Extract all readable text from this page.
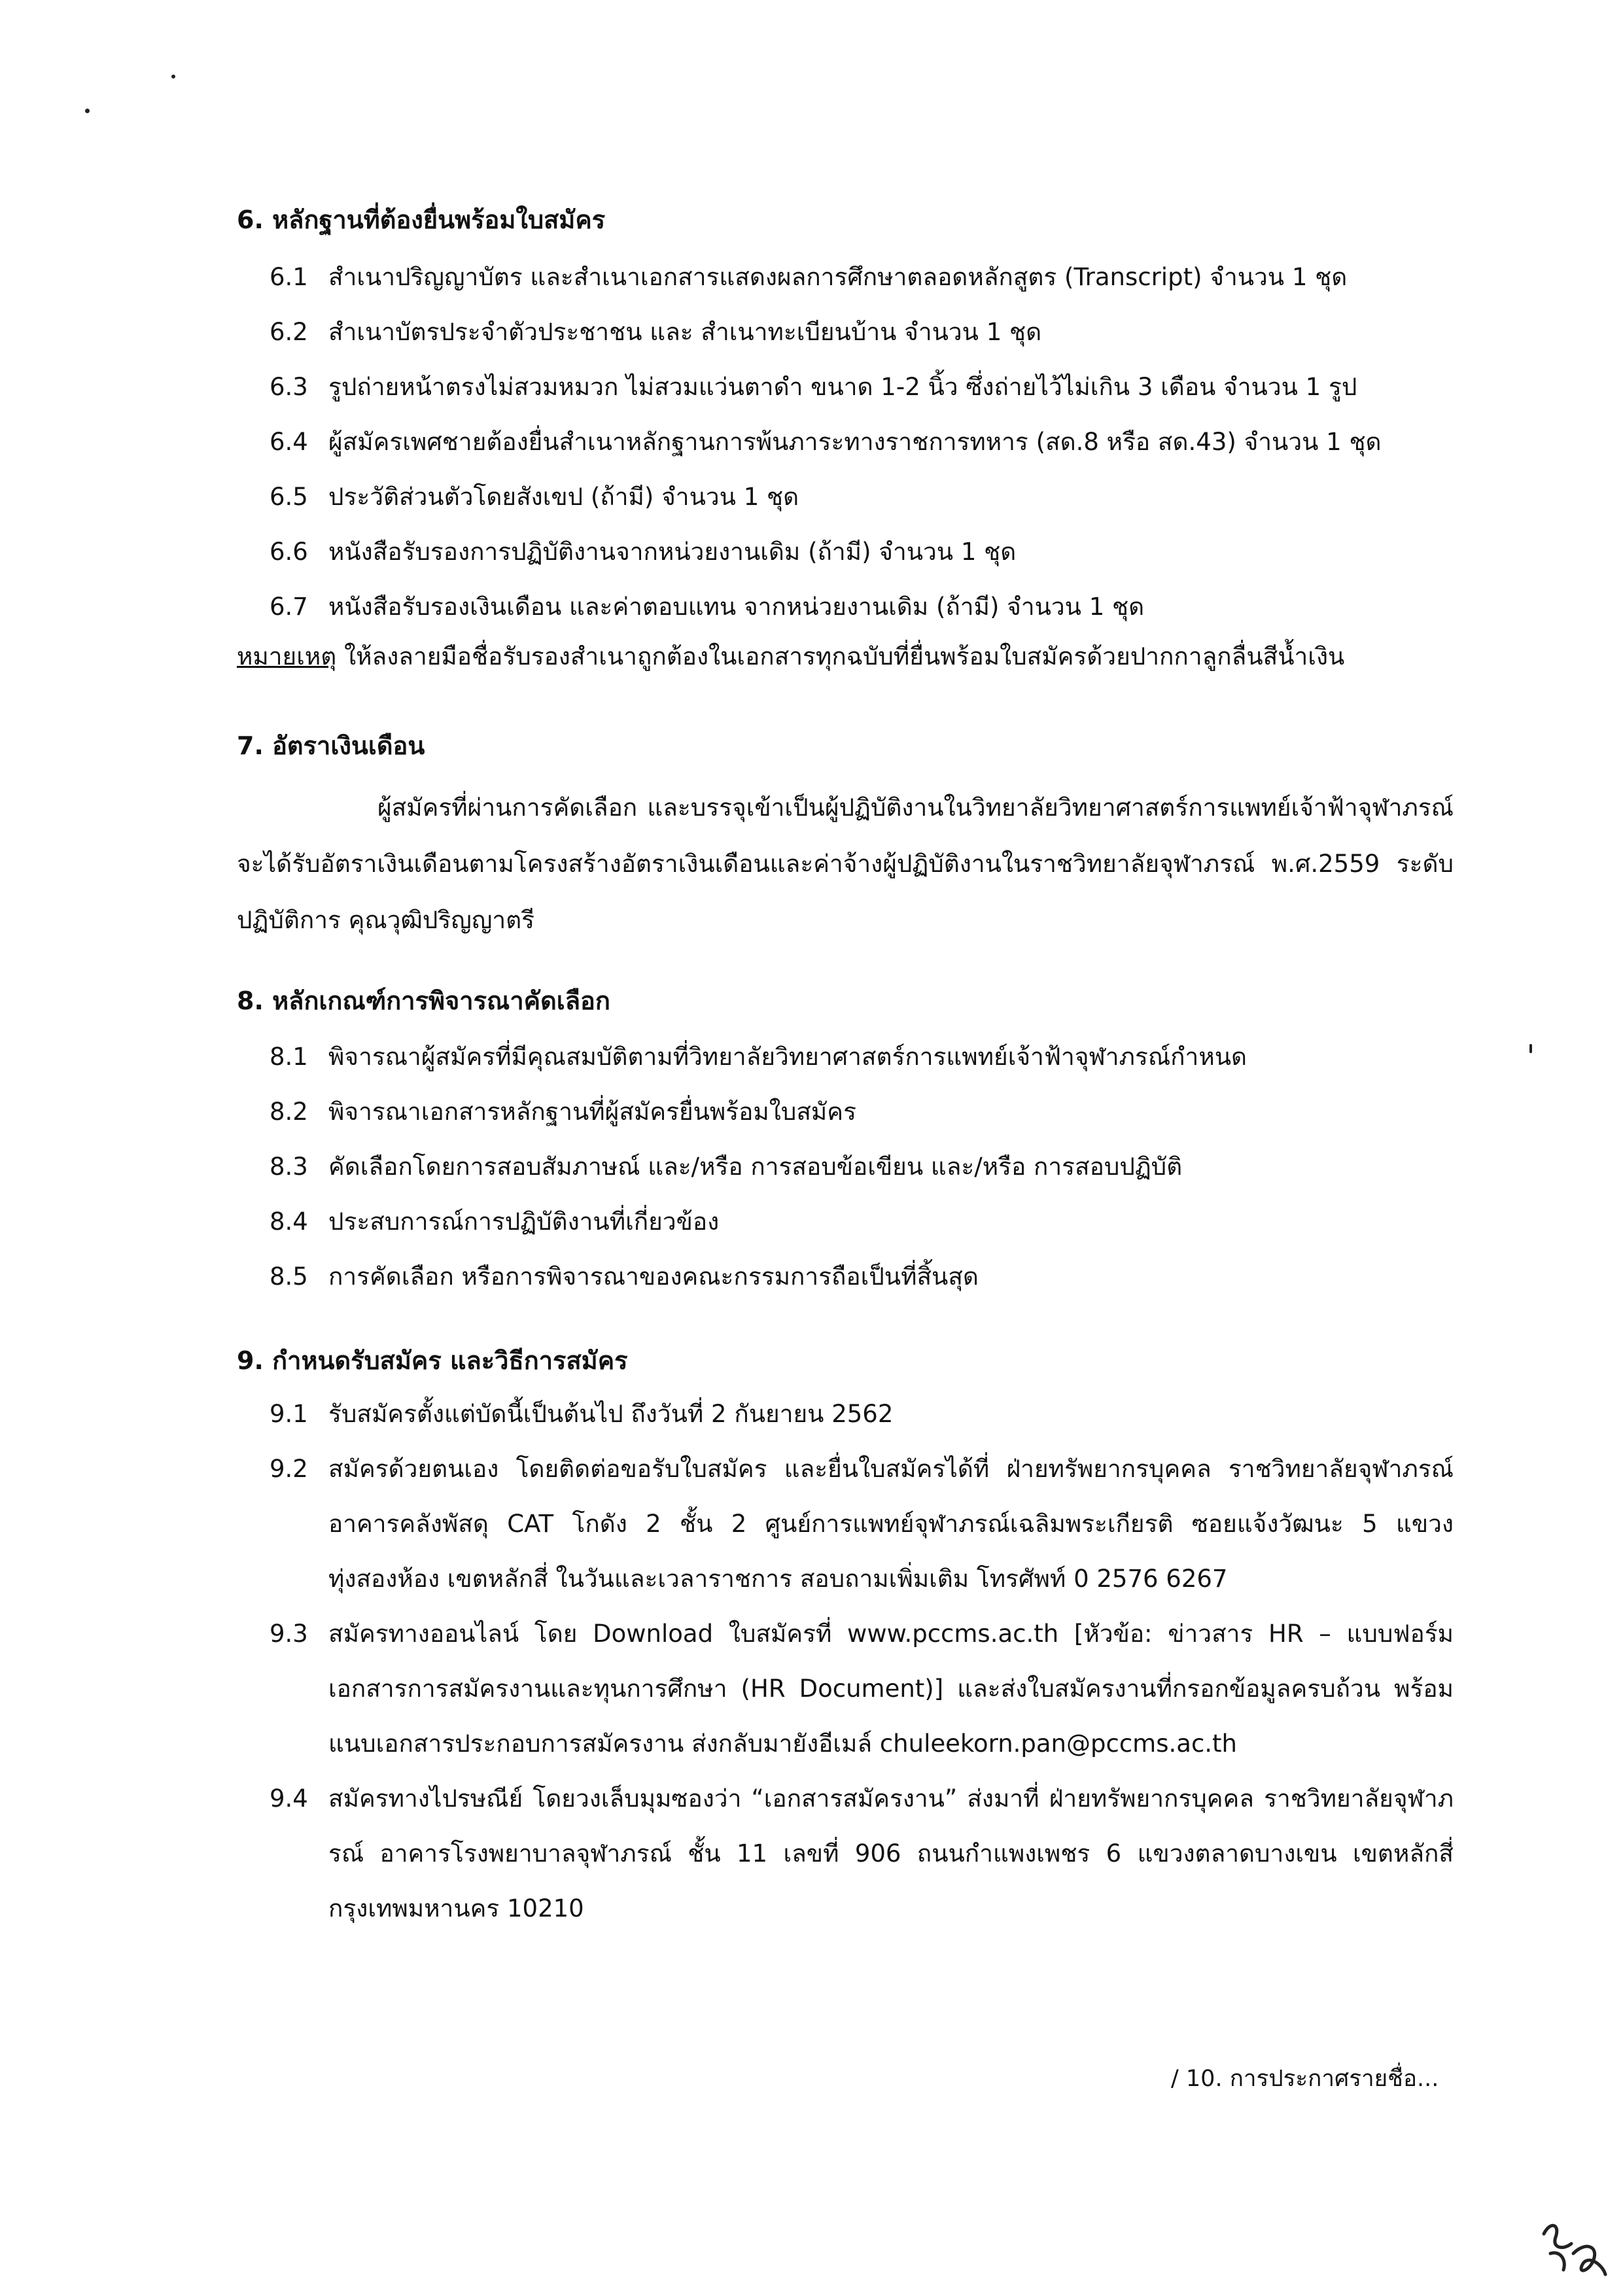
6. หลักฐานที่ต้องยื่นพร้อมใบสมัคร
6.1 สำเนาปริญญาบัตร และสำเนาเอกสารแสดงผลการศึกษาตลอดหลักสูตร (Transcript) จำนวน 1 ชุด
6.2 สำเนาบัตรประจำตัวประชาชน และ สำเนาทะเบียนบ้าน จำนวน 1 ชุด
6.3 รูปถ่ายหน้าตรงไม่สวมหมวก ไม่สวมแว่นตาดำ ขนาด 1-2 นิ้ว ซึ่งถ่ายไว้ไม่เกิน 3 เดือน จำนวน 1 รูป
6.4 ผู้สมัครเพศชายต้องยื่นสำเนาหลักฐานการพ้นภาระทางราชการทหาร (สด.8 หรือ สด.43) จำนวน 1 ชุด
6.5 ประวัติส่วนตัวโดยสังเขป (ถ้ามี) จำนวน 1 ชุด
6.6 หนังสือรับรองการปฏิบัติงานจากหน่วยงานเดิม (ถ้ามี) จำนวน 1 ชุด
6.7 หนังสือรับรองเงินเดือน และค่าตอบแทน จากหน่วยงานเดิม (ถ้ามี) จำนวน 1 ชุด
หมายเหตุ ให้ลงลายมือชื่อรับรองสำเนาถูกต้องในเอกสารทุกฉบับที่ยื่นพร้อมใบสมัครด้วยปากกาลูกลื่นสีน้ำเงิน
7. อัตราเงินเดือน
ผู้สมัครที่ผ่านการคัดเลือก และบรรจุเข้าเป็นผู้ปฏิบัติงานในวิทยาลัยวิทยาศาสตร์การแพทย์เจ้าฟ้าจุฬาภรณ์ จะได้รับอัตราเงินเดือนตามโครงสร้างอัตราเงินเดือนและค่าจ้างผู้ปฏิบัติงานในราชวิทยาลัยจุฬาภรณ์ พ.ศ.2559 ระดับปฏิบัติการ คุณวุฒิปริญญาตรี
8. หลักเกณฑ์การพิจารณาคัดเลือก
8.1 พิจารณาผู้สมัครที่มีคุณสมบัติตามที่วิทยาลัยวิทยาศาสตร์การแพทย์เจ้าฟ้าจุฬาภรณ์กำหนด
8.2 พิจารณาเอกสารหลักฐานที่ผู้สมัครยื่นพร้อมใบสมัคร
8.3 คัดเลือกโดยการสอบสัมภาษณ์ และ/หรือ การสอบข้อเขียน และ/หรือ การสอบปฏิบัติ
8.4 ประสบการณ์การปฏิบัติงานที่เกี่ยวข้อง
8.5 การคัดเลือก หรือการพิจารณาของคณะกรรมการถือเป็นที่สิ้นสุด
9. กำหนดรับสมัคร และวิธีการสมัคร
9.1 รับสมัครตั้งแต่บัดนี้เป็นต้นไป ถึงวันที่ 2 กันยายน 2562
9.2 สมัครด้วยตนเอง โดยติดต่อขอรับใบสมัคร และยื่นใบสมัครได้ที่ ฝ่ายทรัพยากรบุคคล ราชวิทยาลัยจุฬาภรณ์ อาคารคลังพัสดุ CAT โกดัง 2 ชั้น 2 ศูนย์การแพทย์จุฬาภรณ์เฉลิมพระเกียรติ ซอยแจ้งวัฒนะ 5 แขวงทุ่งสองห้อง เขตหลักสี่ ในวันและเวลาราชการ สอบถามเพิ่มเติม โทรศัพท์ 0 2576 6267
9.3 สมัครทางออนไลน์ โดย Download ใบสมัครที่ www.pccms.ac.th [หัวข้อ: ข่าวสาร HR – แบบฟอร์มเอกสารการสมัครงานและทุนการศึกษา (HR Document)] และส่งใบสมัครงานที่กรอกข้อมูลครบถ้วน พร้อมแนบเอกสารประกอบการสมัครงาน ส่งกลับมายังอีเมล์ chuleekorn.pan@pccms.ac.th
9.4 สมัครทางไปรษณีย์ โดยวงเล็บมุมซองว่า “เอกสารสมัครงาน” ส่งมาที่ ฝ่ายทรัพยากรบุคคล ราชวิทยาลัยจุฬาภรณ์ อาคารโรงพยาบาลจุฬาภรณ์ ชั้น 11 เลขที่ 906 ถนนกำแพงเพชร 6 แขวงตลาดบางเขน เขตหลักสี่ กรุงเทพมหานคร 10210
/ 10. การประกาศรายชื่อ...
